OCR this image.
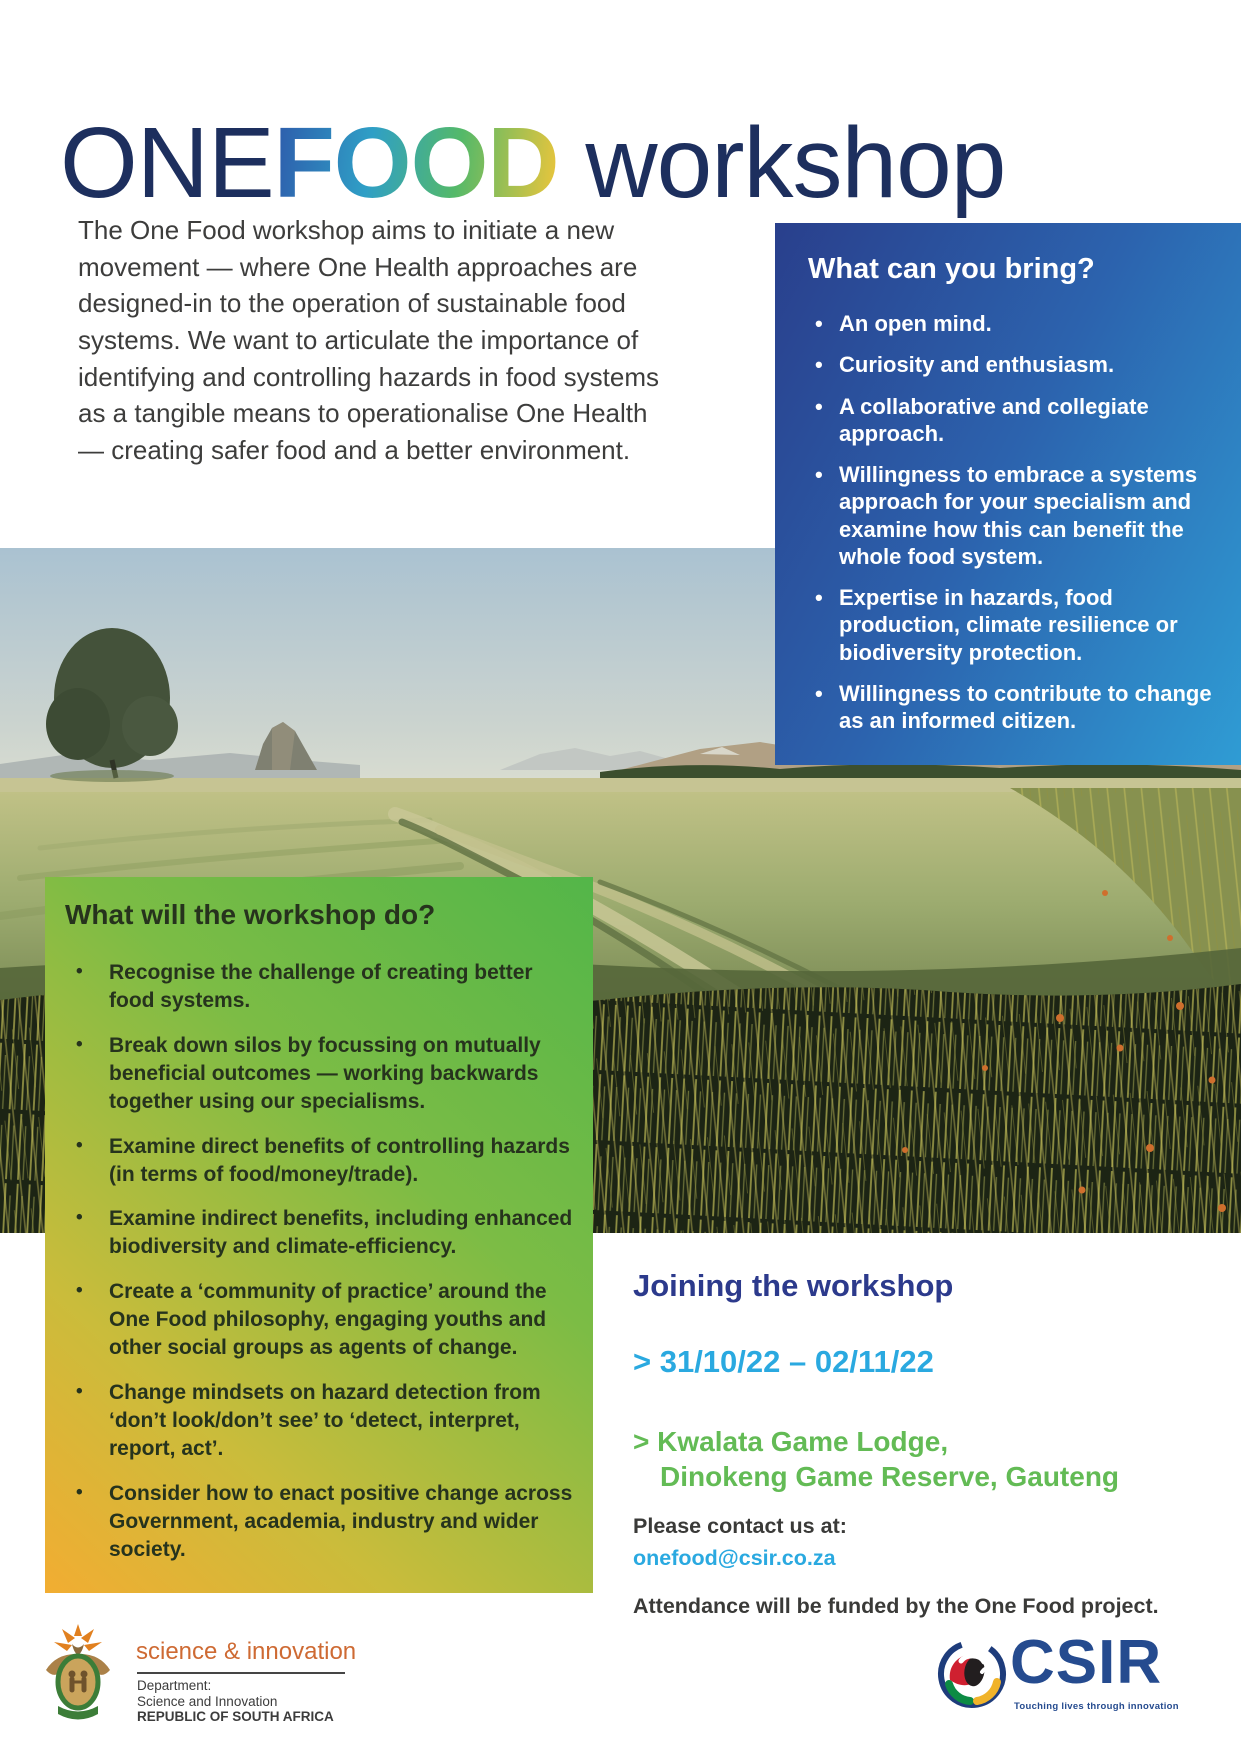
ONEFOOD workshop

The One Food workshop aims to initiate a new movement — where One Health approaches are designed-in to the operation of sustainable food systems. We want to articulate the importance of identifying and controlling hazards in food systems as a tangible means to operationalise One Health — creating safer food and a better environment.

What can you bring?
• An open mind.
• Curiosity and enthusiasm.
• A collaborative and collegiate approach.
• Willingness to embrace a systems approach for your specialism and examine how this can benefit the whole food system.
• Expertise in hazards, food production, climate resilience or biodiversity protection.
• Willingness to contribute to change as an informed citizen.
What will the workshop do?
•	Recognise the challenge of creating better food systems.
•	Break down silos by focussing on mutually beneficial outcomes — working backwards together using our specialisms.
•	Examine direct benefits of controlling hazards (in terms of food/money/trade).
•	Examine indirect benefits, including enhanced biodiversity and climate-efficiency.
•	Create a ‘community of practice’ around the One Food philosophy, engaging youths and other social groups as agents of change.
•	Change mindsets on hazard detection from ‘don’t look/don’t see’ to ‘detect, interpret, report, act’.
•	Consider how to enact positive change across Government, academia, industry and wider society.
Joining the workshop

> 31/10/22 – 02/11/22

> Kwalata Game Lodge,
Dinokeng Game Reserve, Gauteng

Please contact us at:

onefood@csir.co.za

Attendance will be funded by the One Food project.

science & innovation

Department:
Science and Innovation
REPUBLIC OF SOUTH AFRICA

CSIR

Touching lives through innovation
